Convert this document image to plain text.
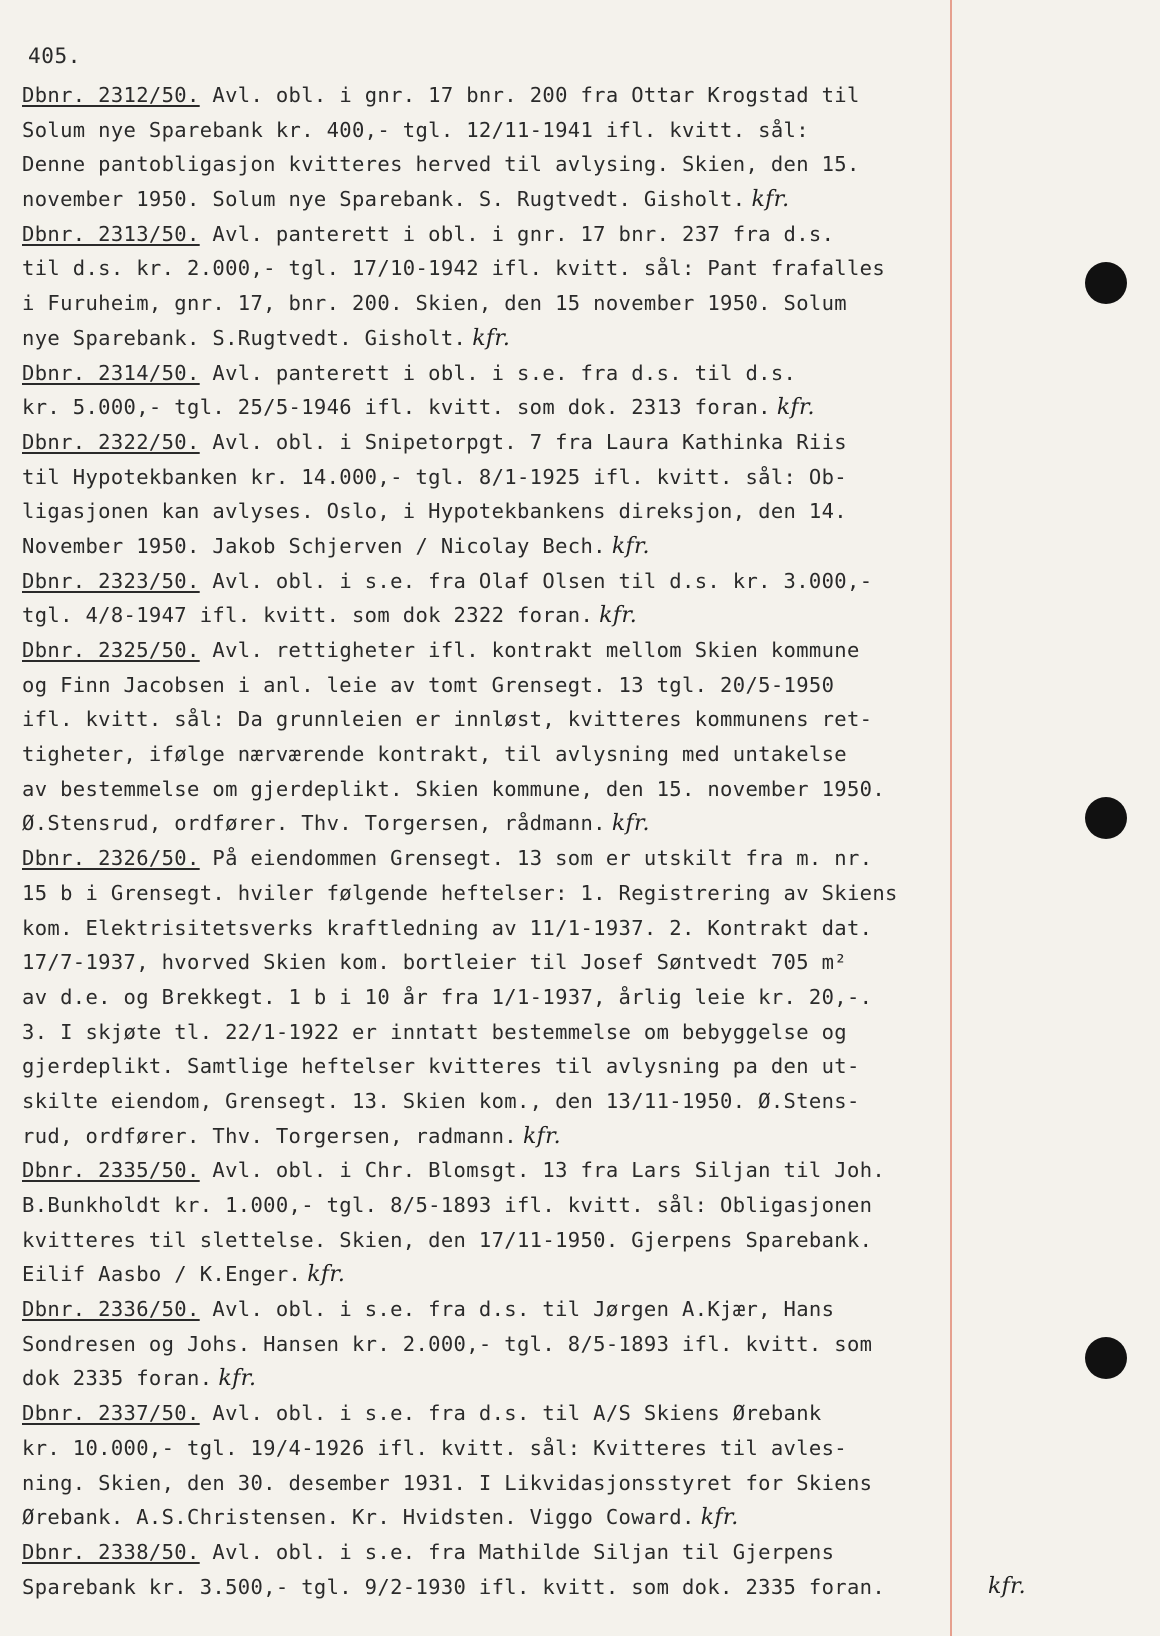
405.
Dbnr. 2312/50. Avl. obl. i gnr. 17 bnr. 200 fra Ottar Krogstad til
Solum nye Sparebank kr. 400,- tgl. 12/11-1941 ifl. kvitt. sål:
Denne pantobligasjon kvitteres herved til avlysing. Skien, den 15.
november 1950. Solum nye Sparebank. S. Rugtvedt. Gisholt. kfr.
Dbnr. 2313/50. Avl. panterett i obl. i gnr. 17 bnr. 237 fra d.s.
til d.s. kr. 2.000,- tgl. 17/10-1942 ifl. kvitt. sål: Pant frafalles
i Furuheim, gnr. 17, bnr. 200. Skien, den 15 november 1950. Solum
nye Sparebank. S.Rugtvedt. Gisholt. kfr.
Dbnr. 2314/50. Avl. panterett i obl. i s.e. fra d.s. til d.s.
kr. 5.000,- tgl. 25/5-1946 ifl. kvitt. som dok. 2313 foran. kfr.
Dbnr. 2322/50. Avl. obl. i Snipetorpgt. 7 fra Laura Kathinka Riis
til Hypotekbanken kr. 14.000,- tgl. 8/1-1925 ifl. kvitt. sål: Ob-
ligasjonen kan avlyses. Oslo, i Hypotekbankens direksjon, den 14.
November 1950. Jakob Schjerven / Nicolay Bech. kfr.
Dbnr. 2323/50. Avl. obl. i s.e. fra Olaf Olsen til d.s. kr. 3.000,-
tgl. 4/8-1947 ifl. kvitt. som dok 2322 foran. kfr.
Dbnr. 2325/50. Avl. rettigheter ifl. kontrakt mellom Skien kommune
og Finn Jacobsen i anl. leie av tomt Grensegt. 13 tgl. 20/5-1950
ifl. kvitt. sål: Da grunnleien er innløst, kvitteres kommunens ret-
tigheter, ifølge nærværende kontrakt, til avlysning med untakelse
av bestemmelse om gjerdeplikt. Skien kommune, den 15. november 1950.
Ø.Stensrud, ordfører. Thv. Torgersen, rådmann. kfr.
Dbnr. 2326/50. På eiendommen Grensegt. 13 som er utskilt fra m. nr.
15 b i Grensegt. hviler følgende heftelser: 1. Registrering av Skiens
kom. Elektrisitetsverks kraftledning av 11/1-1937. 2. Kontrakt dat.
17/7-1937, hvorved Skien kom. bortleier til Josef Søntvedt 705 m²
av d.e. og Brekkegt. 1 b i 10 år fra 1/1-1937, årlig leie kr. 20,-.
3. I skjøte tl. 22/1-1922 er inntatt bestemmelse om bebyggelse og
gjerdeplikt. Samtlige heftelser kvitteres til avlysning pa den ut-
skilte eiendom, Grensegt. 13. Skien kom., den 13/11-1950. Ø.Stens-
rud, ordfører. Thv. Torgersen, radmann. kfr.
Dbnr. 2335/50. Avl. obl. i Chr. Blomsgt. 13 fra Lars Siljan til Joh.
B.Bunkholdt kr. 1.000,- tgl. 8/5-1893 ifl. kvitt. sål: Obligasjonen
kvitteres til slettelse. Skien, den 17/11-1950. Gjerpens Sparebank.
Eilif Aasbo / K.Enger. kfr.
Dbnr. 2336/50. Avl. obl. i s.e. fra d.s. til Jørgen A.Kjær, Hans
Sondresen og Johs. Hansen kr. 2.000,- tgl. 8/5-1893 ifl. kvitt. som
dok 2335 foran. kfr.
Dbnr. 2337/50. Avl. obl. i s.e. fra d.s. til A/S Skiens Ørebank
kr. 10.000,- tgl. 19/4-1926 ifl. kvitt. sål: Kvitteres til avles-
ning. Skien, den 30. desember 1931. I Likvidasjonsstyret for Skiens
Ørebank. A.S.Christensen. Kr. Hvidsten. Viggo Coward. kfr.
Dbnr. 2338/50. Avl. obl. i s.e. fra Mathilde Siljan til Gjerpens
Sparebank kr. 3.500,- tgl. 9/2-1930 ifl. kvitt. som dok. 2335 foran.	kfr.
